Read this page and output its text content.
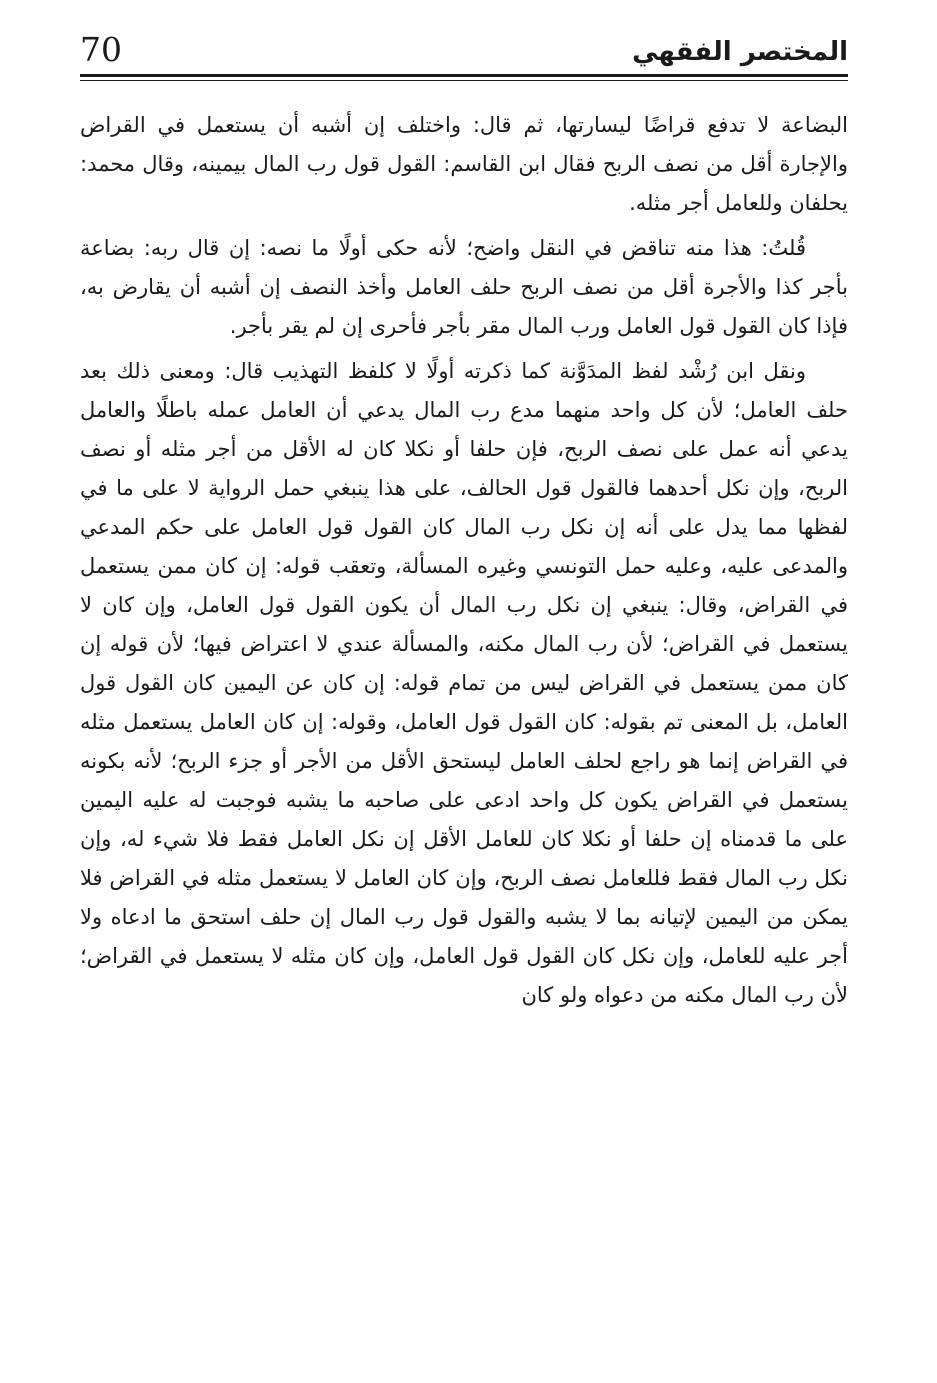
70	المختصر الفقهي

البضاعة لا تدفع قراضًا ليسارتها، ثم قال: واختلف إن أشبه أن يستعمل في القراض والإجارة أقل من نصف الربح فقال ابن القاسم: القول قول رب المال بيمينه، وقال محمد: يحلفان وللعامل أجر مثله.

قُلتُ: هذا منه تناقض في النقل واضح؛ لأنه حكى أولًا ما نصه: إن قال ربه: بضاعة بأجر كذا والأجرة أقل من نصف الربح حلف العامل وأخذ النصف إن أشبه أن يقارض به، فإذا كان القول قول العامل ورب المال مقر بأجر فأحرى إن لم يقر بأجر.

ونقل ابن رُشْد لفظ المدَوَّنة كما ذكرته أولًا لا كلفظ التهذيب قال: ومعنى ذلك بعد حلف العامل؛ لأن كل واحد منهما مدع رب المال يدعي أن العامل عمله باطلًا والعامل يدعي أنه عمل على نصف الربح، فإن حلفا أو نكلا كان له الأقل من أجر مثله أو نصف الربح، وإن نكل أحدهما فالقول قول الحالف، على هذا ينبغي حمل الرواية لا على ما في لفظها مما يدل على أنه إن نكل رب المال كان القول قول العامل على حكم المدعي والمدعى عليه، وعليه حمل التونسي وغيره المسألة، وتعقب قوله: إن كان ممن يستعمل في القراض، وقال: ينبغي إن نكل رب المال أن يكون القول قول العامل، وإن كان لا يستعمل في القراض؛ لأن رب المال مكنه، والمسألة عندي لا اعتراض فيها؛ لأن قوله إن كان ممن يستعمل في القراض ليس من تمام قوله: إن كان عن اليمين كان القول قول العامل، بل المعنى تم بقوله: كان القول قول العامل، وقوله: إن كان العامل يستعمل مثله في القراض إنما هو راجع لحلف العامل ليستحق الأقل من الأجر أو جزء الربح؛ لأنه بكونه يستعمل في القراض يكون كل واحد ادعى على صاحبه ما يشبه فوجبت له عليه اليمين على ما قدمناه إن حلفا أو نكلا كان للعامل الأقل إن نكل العامل فقط فلا شيء له، وإن نكل رب المال فقط فللعامل نصف الربح، وإن كان العامل لا يستعمل مثله في القراض فلا يمكن من اليمين لإتيانه بما لا يشبه والقول قول رب المال إن حلف استحق ما ادعاه ولا أجر عليه للعامل، وإن نكل كان القول قول العامل، وإن كان مثله لا يستعمل في القراض؛ لأن رب المال مكنه من دعواه ولو كان
